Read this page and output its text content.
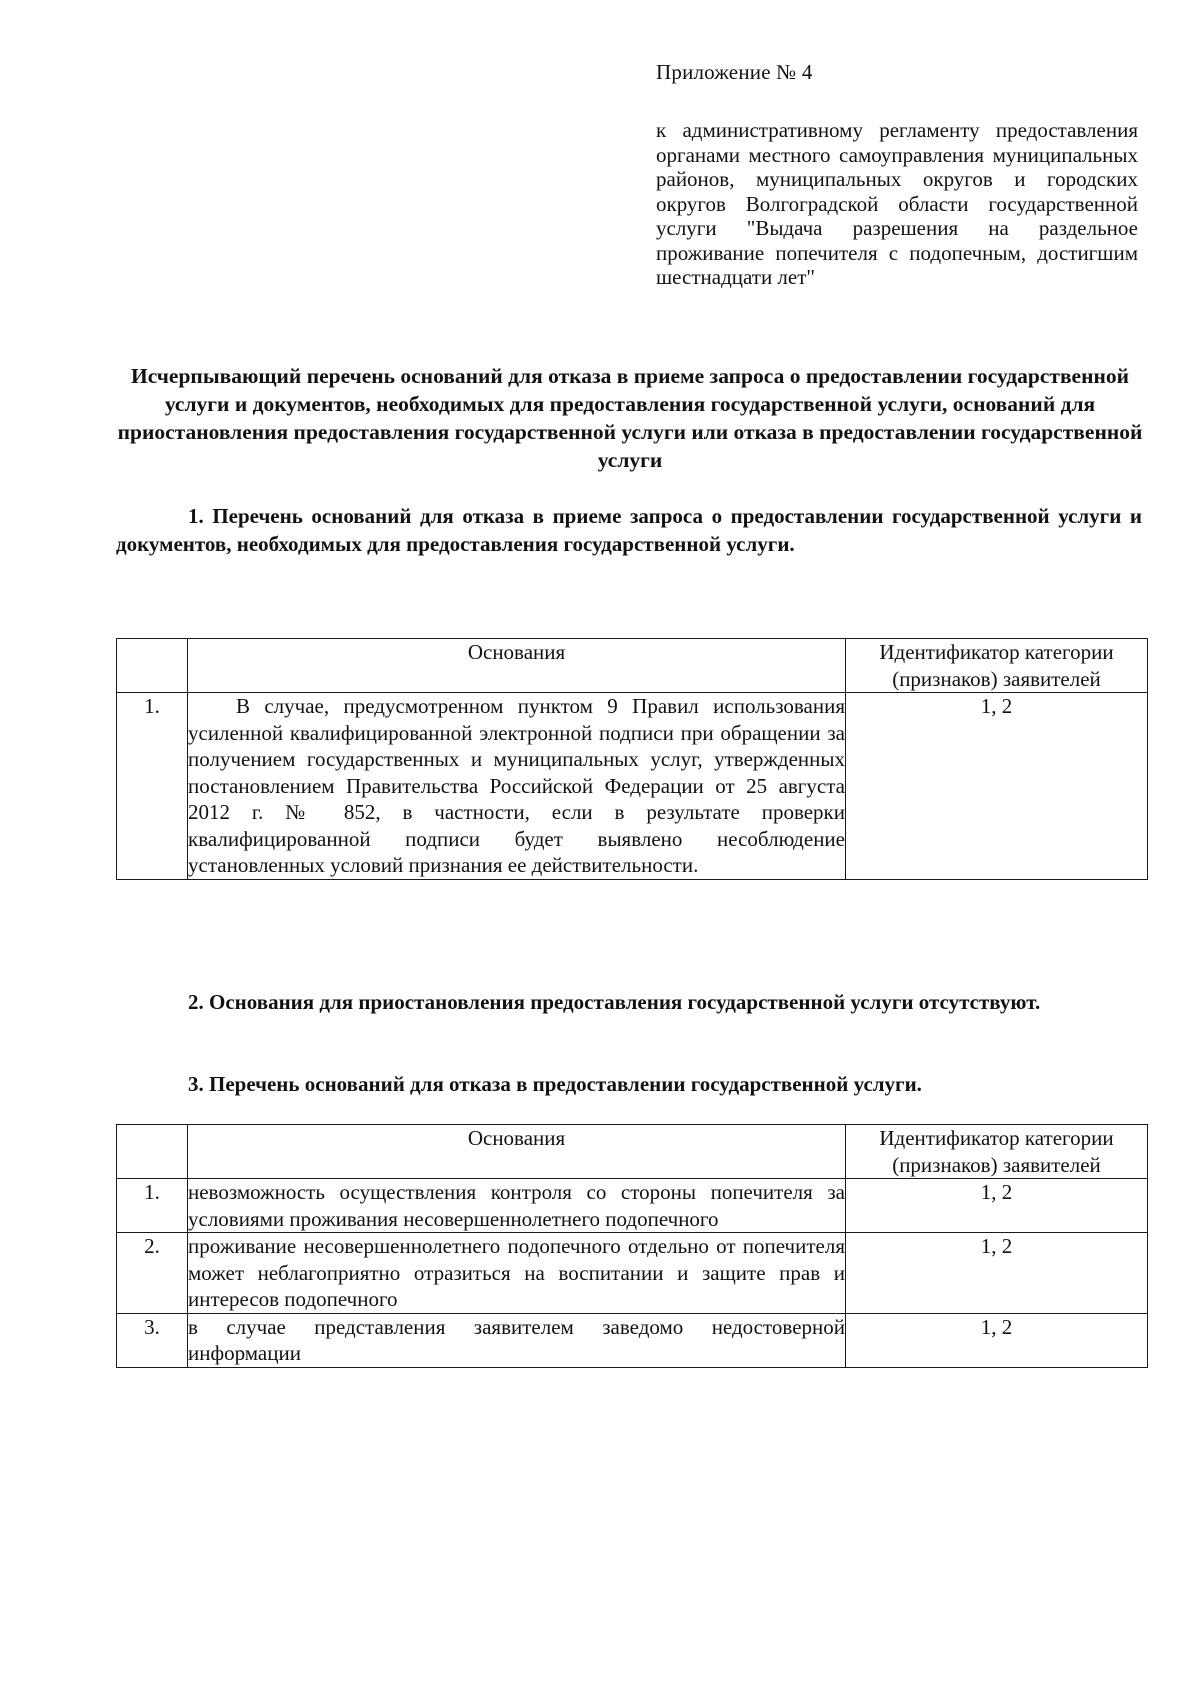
Приложение № 4
к административному регламенту предоставления органами местного самоуправления муниципальных районов, муниципальных округов и городских округов Волгоградской области государственной услуги "Выдача разрешения на раздельное проживание попечителя с подопечным, достигшим шестнадцати лет"
Исчерпывающий перечень оснований для отказа в приеме запроса о предоставлении государственной услуги и документов, необходимых для предоставления государственной услуги, оснований для приостановления предоставления государственной услуги или отказа в предоставлении государственной услуги
1. Перечень оснований для отказа в приеме запроса о предоставлении государственной услуги и документов, необходимых для предоставления государственной услуги.
	Основания	Идентификатор категории (признаков) заявителей
1.	В случае, предусмотренном пунктом 9 Правил использования усиленной квалифицированной электронной подписи при обращении за получением государственных и муниципальных услуг, утвержденных постановлением Правительства Российской Федерации от 25 августа 2012 г. № 852, в частности, если в результате проверки квалифицированной подписи будет выявлено несоблюдение установленных условий признания ее действительности.	1, 2
2. Основания для приостановления предоставления государственной услуги отсутствуют.
3. Перечень оснований для отказа в предоставлении государственной услуги.
	Основания	Идентификатор категории (признаков) заявителей
1.	невозможность осуществления контроля со стороны попечителя за условиями проживания несовершеннолетнего подопечного	1, 2
2.	проживание несовершеннолетнего подопечного отдельно от попечителя может неблагоприятно отразиться на воспитании и защите прав и интересов подопечного	1, 2
3.	в случае представления заявителем заведомо недостоверной информации	1, 2
